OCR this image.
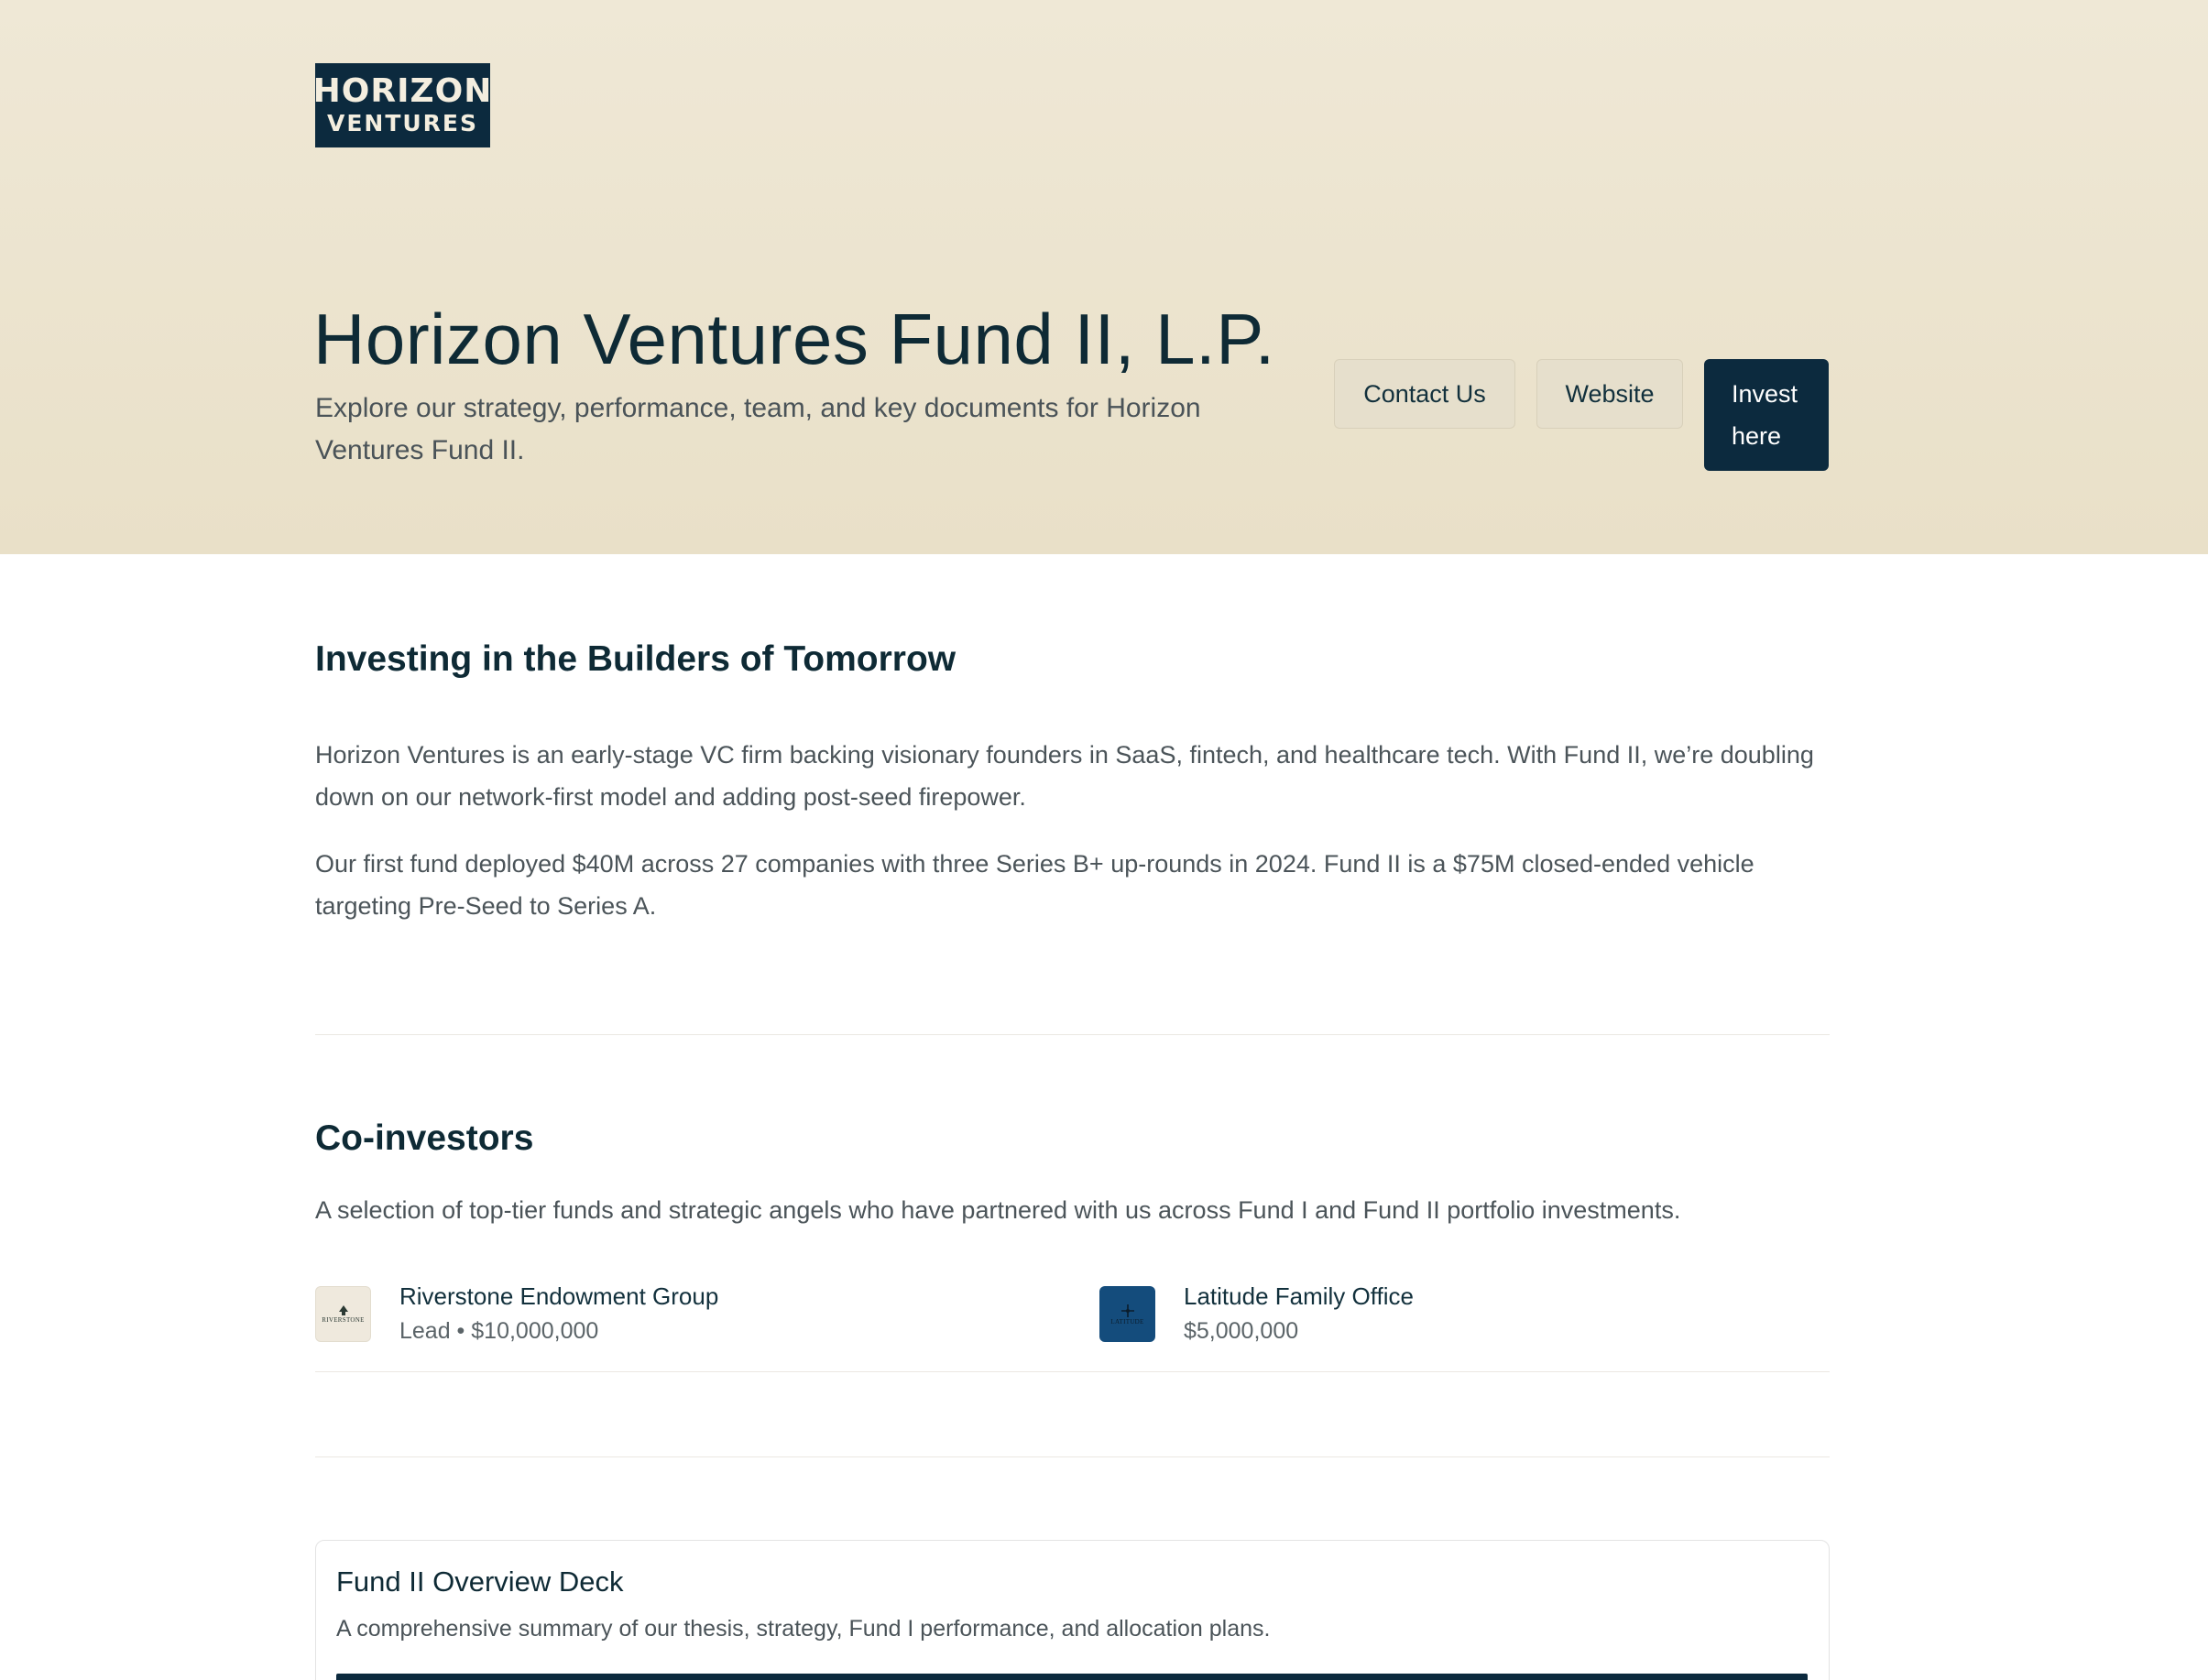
HORIZON
VENTURES
Horizon Ventures Fund II, L.P.

Explore our strategy, performance, team, and key documents for Horizon Ventures Fund II.

Contact Us	Website	Invest here
Investing in the Builders of Tomorrow

Horizon Ventures is an early-stage VC firm backing visionary founders in SaaS, fintech, and healthcare tech. With Fund II, we’re doubling down on our network-first model and adding post-seed firepower.

Our first fund deployed $40M across 27 companies with three Series B+ up-rounds in 2024. Fund II is a $75M closed-ended vehicle targeting Pre-Seed to Series A.

Co-investors

A selection of top-tier funds and strategic angels who have partnered with us across Fund I and Fund II portfolio investments.

RIVERSTONE
Riverstone Endowment Group
Lead • $10,000,000	LATITUDE
Latitude Family Office
$5,000,000
Fund II Overview Deck
A comprehensive summary of our thesis, strategy, Fund I performance, and allocation plans.
